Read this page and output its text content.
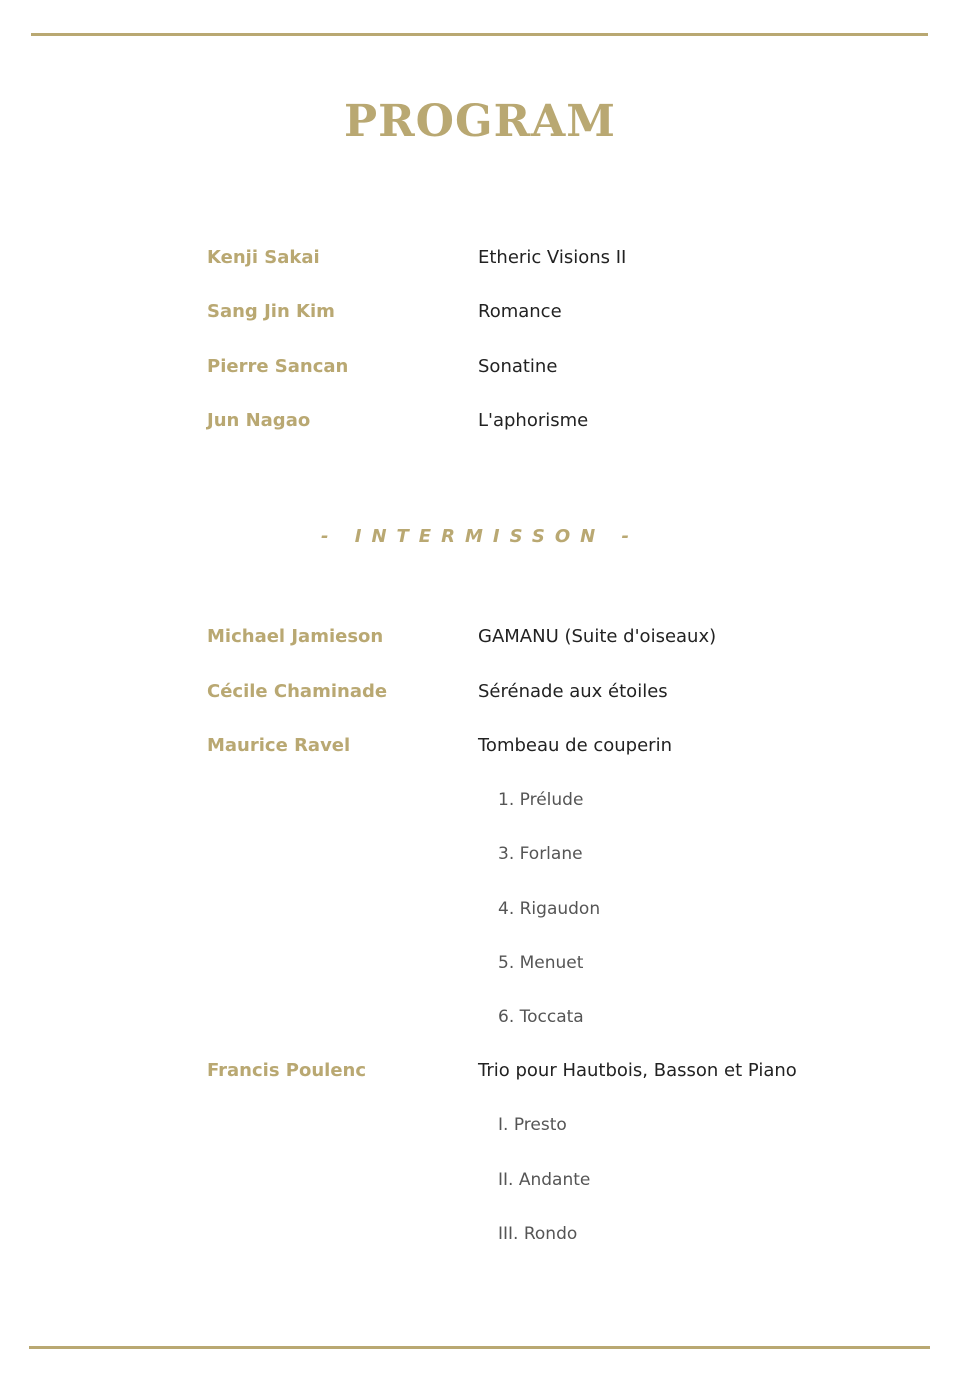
PROGRAM
Kenji Sakai	Etheric Visions II
Sang Jin Kim	Romance
Pierre Sancan	Sonatine
Jun Nagao	L'aphorisme
- INTERMISSON -
Michael Jamieson	GAMANU (Suite d'oiseaux)
Cécile Chaminade	Sérénade aux étoiles
Maurice Ravel	Tombeau de couperin
1. Prélude
3. Forlane
4. Rigaudon
5. Menuet
6. Toccata
Francis Poulenc	Trio pour Hautbois, Basson et Piano
I. Presto
II. Andante
III. Rondo
